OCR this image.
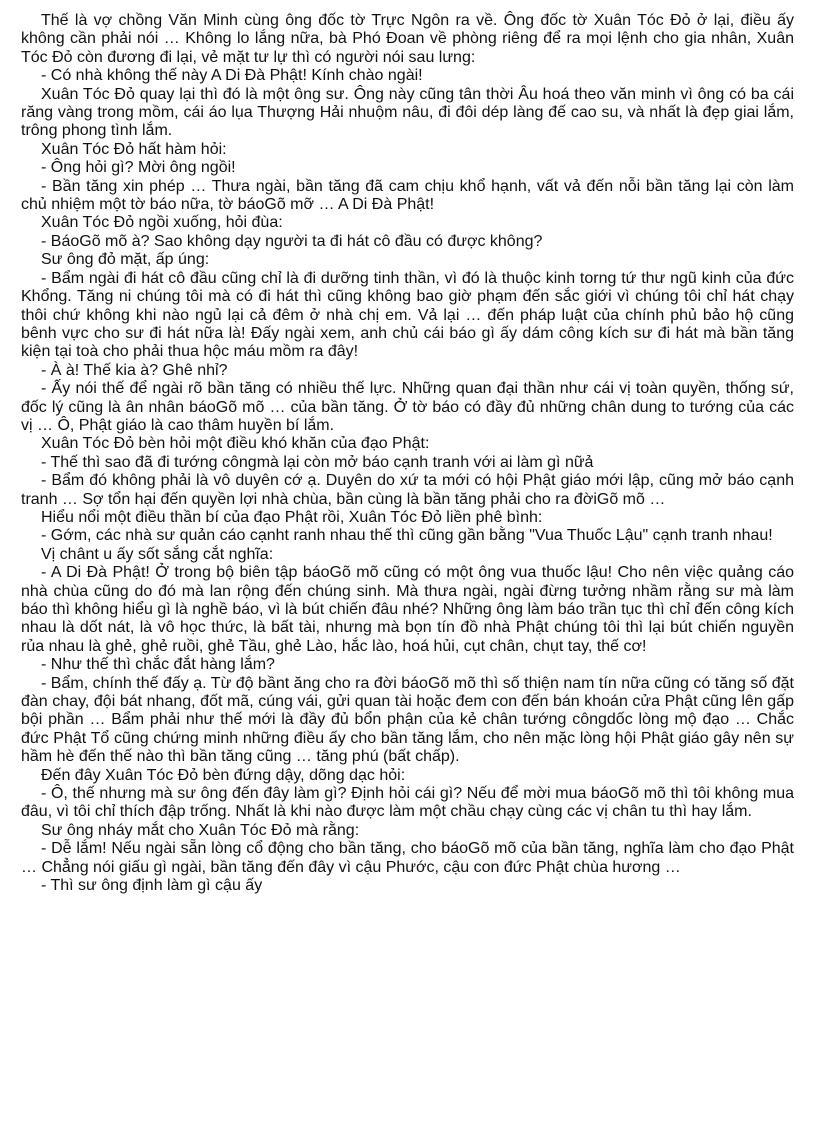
Thế là vợ chồng Văn Minh cùng ông đốc tờ Trực Ngôn ra về. Ông đốc tờ Xuân Tóc Đỏ ở lại, điều ấy không cần phải nói … Không lo lắng nữa, bà Phó Đoan về phòng riêng để ra mọi lệnh cho gia nhân, Xuân Tóc Đỏ còn đương đi lại, vẻ mặt tư lự thì có người nói sau lưng:

- Có nhà không thế này A Di Đà Phật! Kính chào ngài!

Xuân Tóc Đỏ quay lại thì đó là một ông sư. Ông này cũng tân thời Âu hoá theo văn minh vì ông có ba cái răng vàng trong mồm, cái áo lụa Thượng Hải nhuộm nâu, đi đôi dép làng đế cao su, và nhất là đẹp giai lắm, trông phong tình lắm.

Xuân Tóc Đỏ hất hàm hỏi:

- Ông hỏi gì? Mời ông ngồi!

- Bần tăng xin phép … Thưa ngài, bần tăng đã cam chịu khổ hạnh, vất vả đến nỗi bần tăng lại còn làm chủ nhiệm một tờ báo nữa, tờ báoGõ mỡ … A Di Đà Phật!

Xuân Tóc Đỏ ngồi xuống, hỏi đùa:

- BáoGõ mõ à? Sao không dạy người ta đi hát cô đầu có được không?

Sư ông đỏ mặt, ấp úng:

- Bẩm ngài đi hát cô đầu cũng chỉ là đi dưỡng tinh thần, vì đó là thuộc kinh torng tứ thư ngũ kinh của đức Khổng. Tăng ni chúng tôi mà có đi hát thì cũng không bao giờ phạm đến sắc giới vì chúng tôi chỉ hát chạy thôi chứ không khi nào ngủ lại cả đêm ở nhà chị em. Vả lại … đến pháp luật của chính phủ bảo hộ cũng bênh vực cho sư đi hát nữa là! Đấy ngài xem, anh chủ cái báo gì ấy dám công kích sư đi hát mà bần tăng kiện tại toà cho phải thua hộc máu mồm ra đây!

- À à! Thế kia à? Ghê nhỉ?

- Ấy nói thế để ngài rõ bần tăng có nhiều thế lực. Những quan đại thần như cái vị toàn quyền, thống sứ, đốc lý cũng là ân nhân báoGõ mõ … của bần tăng. Ở tờ báo có đầy đủ những chân dung to tướng của các vị … Ô, Phật giáo là cao thâm huyền bí lắm.

Xuân Tóc Đỏ bèn hỏi một điều khó khăn của đạo Phật:

- Thế thì sao đã đi tướng côngmà lại còn mở báo cạnh tranh với ai làm gì nữả

- Bẩm đó không phải là vô duyên cớ ạ. Duyên do xứ ta mới có hội Phật giáo mới lập, cũng mở báo cạnh tranh … Sợ tổn hại đến quyền lợi nhà chùa, bần cùng là bần tăng phải cho ra đờiGõ mõ …

Hiểu nổi một điều thần bí của đạo Phật rồi, Xuân Tóc Đỏ liền phê bình:

- Gớm, các nhà sư quản cáo cạnht ranh nhau thế thì cũng gần bằng "Vua Thuốc Lậu" cạnh tranh nhau!

Vị chânt u ấy sốt sắng cắt nghĩa:

- A Di Đà Phật! Ở trong bộ biên tập báoGõ mõ cũng có một ông vua thuốc lậu! Cho nên việc quảng cáo nhà chùa cũng do đó mà lan rộng đến chúng sinh. Mà thưa ngài, ngài đừng tưởng nhầm rằng sư mà làm báo thì không hiểu gì là nghề báo, vì là bút chiến đâu nhé? Những ông làm báo trần tục thì chỉ đến công kích nhau là dốt nát, là vô học thức, là bất tài, nhưng mà bọn tín đồ nhà Phật chúng tôi thì lại bút chiến nguyền rủa nhau là ghẻ, ghẻ ruồi, ghẻ Tầu, ghẻ Lào, hắc lào, hoá hủi, cụt chân, chụt tay, thế cơ!

- Như thế thì chắc đắt hàng lắm?

- Bẩm, chính thế đấy ạ. Từ độ bầnt ăng cho ra đời báoGõ mõ thì số thiện nam tín nữa cũng có tăng số đặt đàn chay, đội bát nhang, đốt mã, cúng vái, gửi quan tài hoặc đem con đến bán khoán cửa Phật cũng lên gấp bội phần … Bẩm phải như thế mới là đầy đủ bổn phận của kẻ chân tướng côngdốc lòng mộ đạo … Chắc đức Phật Tổ cũng chứng minh những điều ấy cho bần tăng lắm, cho nên mặc lòng hội Phật giáo gây nên sự hầm hè đến thế nào thì bần tăng cũng … tăng phú (bất chấp).

Đến đây Xuân Tóc Đỏ bèn đứng dậy, dõng dạc hỏi:

- Ô, thế nhưng mà sư ông đến đây làm gì? Định hỏi cái gì? Nếu để mời mua báoGõ mõ thì tôi không mua đâu, vì tôi chỉ thích đập trống. Nhất là khi nào được làm một chầu chạy cùng các vị chân tu thì hay lắm.

Sư ông nháy mắt cho Xuân Tóc Đỏ mà rằng:

- Dễ lắm! Nếu ngài sẵn lòng cổ động cho bần tăng, cho báoGõ mõ của bần tăng, nghĩa làm cho đạo Phật … Chẳng nói giấu gì ngài, bần tăng đến đây vì cậu Phước, cậu con đức Phật chùa hương …

- Thì sư ông định làm gì cậu ấy
